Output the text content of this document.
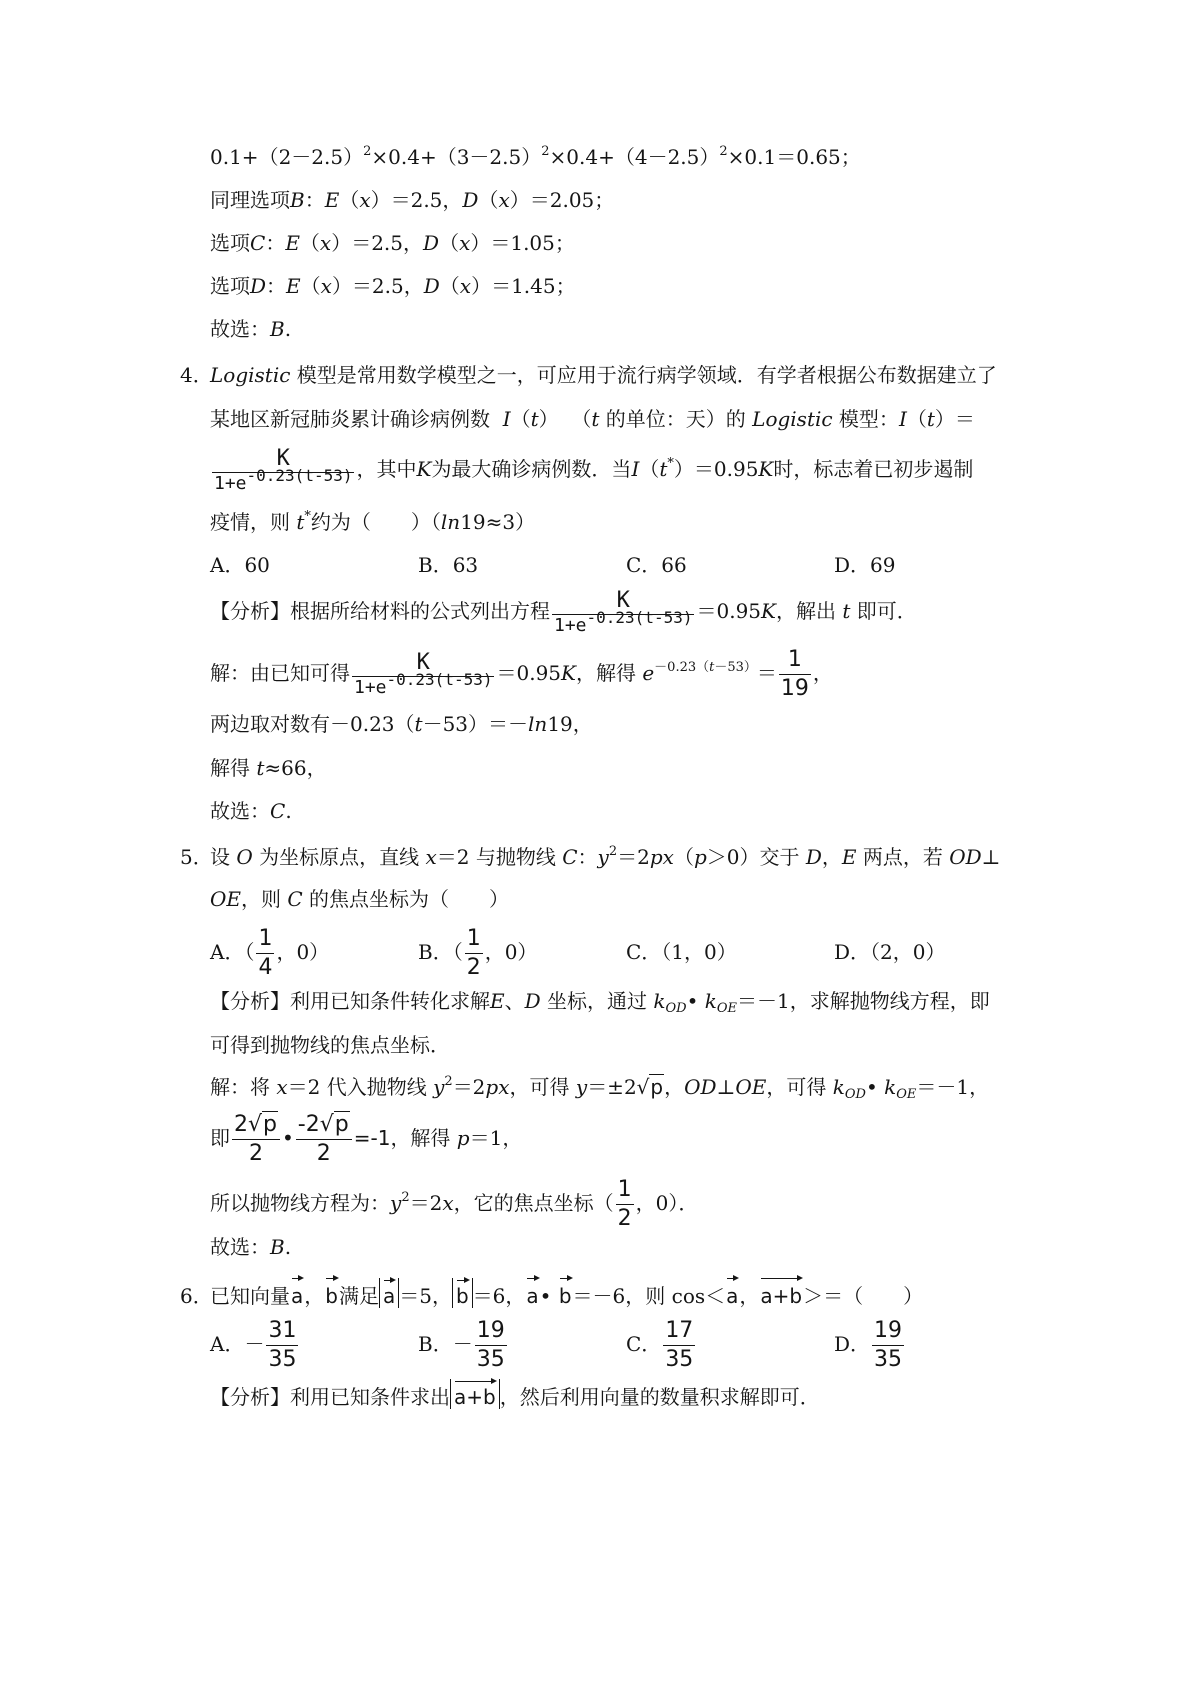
$0.1+(2-2.5)^2\times 0.4+(3-2.5)^2\times 0.4+(4-2.5)^2\times 0.1=0.65$；
同理选项B：E（x）＝2.5，D（x）＝2.05；
选项C：E（x）＝2.5，D（x）＝1.05；
选项D：E（x）＝2.5，D（x）＝1.45；
故选：B.
4．Logistic 模型是常用数学模型之一，可应用于流行病学领域．有学者根据公布数据建立了
某地区新冠肺炎累计确诊病例数  I（t）  （t 的单位：天）的 Logistic 模型：I（t）＝
$\frac{K}{1+e^{-0.23(t-53)}}$ ，其中K为最大确诊病例数．当I（t*）＝0.95K时，标志着已初步遏制
疫情，则 t*约为（　　）（ln19≈3）
A．60	B．63	C．66	D．69
【分析】根据所给材料的公式列出方程 $\frac{K}{1+e^{-0.23(t-53)}} =0.95K$，解出 t 即可．
解：由已知可得 $\frac{K}{1+e^{-0.23(t-53)}} =0.95K$，解得 $e^{-0.23(t-53)}= \frac{1}{19}$ ，
两边取对数有－0.23（t－53）＝－ln19，
解得 t≈66，
故选：C.
5．设 O 为坐标原点，直线 x＝2 与抛物线 C：$y^2=2px(p>0)$交于 D，E 两点，若 OD⊥
OE，则 C 的焦点坐标为（　　）
A．（ $\frac{1}{4}$ ，0）	B．（ $\frac{1}{2}$ ，0）	C．（1，0）	D．（2，0）
【分析】利用已知条件转化求解E、D 坐标，通过 $k_{OD}•$ $k_{OE}=-1$，求解抛物线方程，即
可得到抛物线的焦点坐标．
解：将 x＝2 代入抛物线 $y^2=2px$，可得 y＝±2√p，OD⊥OE，可得 $k_{OD}•$ $k_{OE}=-1$，
即 $\frac{2√p}{2}$ • $\frac{-2√p}{2} =-1$，解得 p＝1，
所以抛物线方程为：$y^2=2x$，它的焦点坐标（ $\frac{1}{2}$ ，0）．
故选：B.
6．已知向量a，b满足 a ＝5， b ＝6，a• b＝－6，则 cos＜a，a+b＞＝（　　）
A．－ $\frac{31}{35}$	B．－ $\frac{19}{35}$	C． $\frac{17}{35}$	D． $\frac{19}{35}$
【分析】利用已知条件求出 a+b ，然后利用向量的数量积求解即可．
